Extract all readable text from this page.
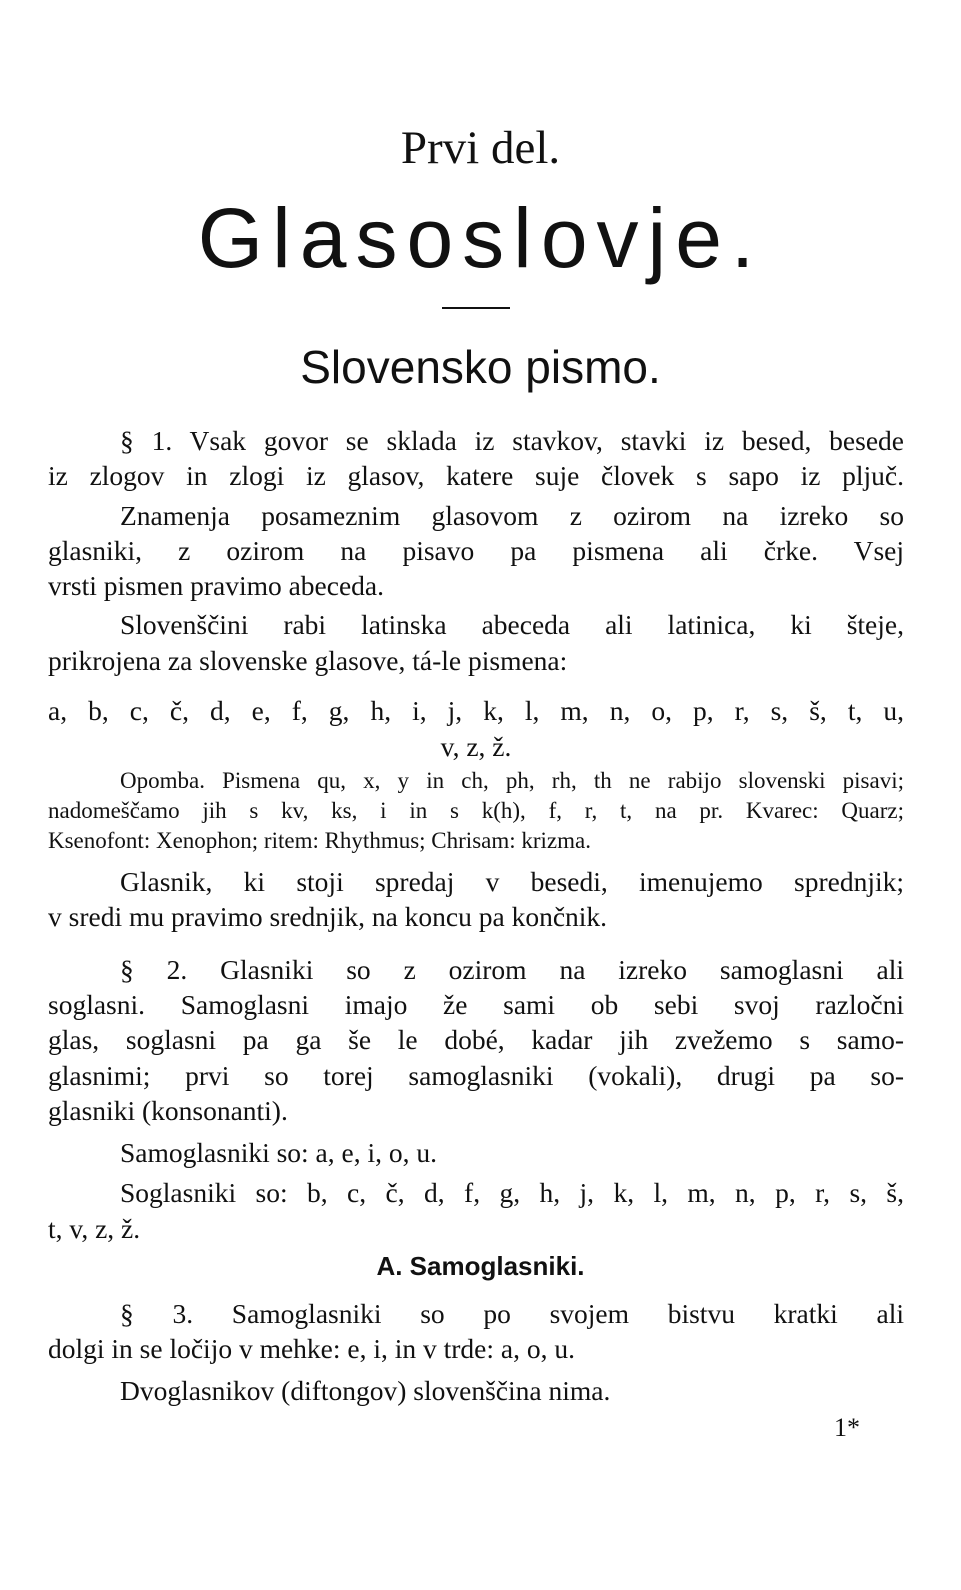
Prvi del.
Glasoslovje.
Slovensko pismo.
§ 1. Vsak govor se sklada iz stavkov, stavki iz besed, besede
iz zlogov in zlogi iz glasov, katere suje človek s sapo iz pljuč.
Znamenja posameznim glasovom z ozirom na izreko so
glasniki, z ozirom na pisavo pa pismena ali črke. Vsej
vrsti pismen pravimo abeceda.
Slovenščini rabi latinska abeceda ali latinica, ki šteje,
prikrojena za slovenske glasove, tá-le pismena:
a, b, c, č, d, e, f, g, h, i, j, k, l, m, n, o, p, r, s, š, t, u,
v, z, ž.
Opomba. Pismena qu, x, y in ch, ph, rh, th ne rabijo slovenski pisavi;
nadomeščamo jih s kv, ks, i in s k(h), f, r, t, na pr. Kvarec: Quarz;
Ksenofont: Xenophon; ritem: Rhythmus; Chrisam: krizma.
Glasnik, ki stoji spredaj v besedi, imenujemo sprednjik;
v sredi mu pravimo srednjik, na koncu pa končnik.
§ 2. Glasniki so z ozirom na izreko samoglasni ali
soglasni. Samoglasni imajo že sami ob sebi svoj razločni
glas, soglasni pa ga še le dobé, kadar jih zvežemo s samo-
glasnimi; prvi so torej samoglasniki (vokali), drugi pa so-
glasniki (konsonanti).
Samoglasniki so: a, e, i, o, u.
Soglasniki so: b, c, č, d, f, g, h, j, k, l, m, n, p, r, s, š,
t, v, z, ž.
A. Samoglasniki.
§ 3. Samoglasniki so po svojem bistvu kratki ali
dolgi in se ločijo v mehke: e, i, in v trde: a, o, u.
Dvoglasnikov (diftongov) slovenščina nima.
1*
